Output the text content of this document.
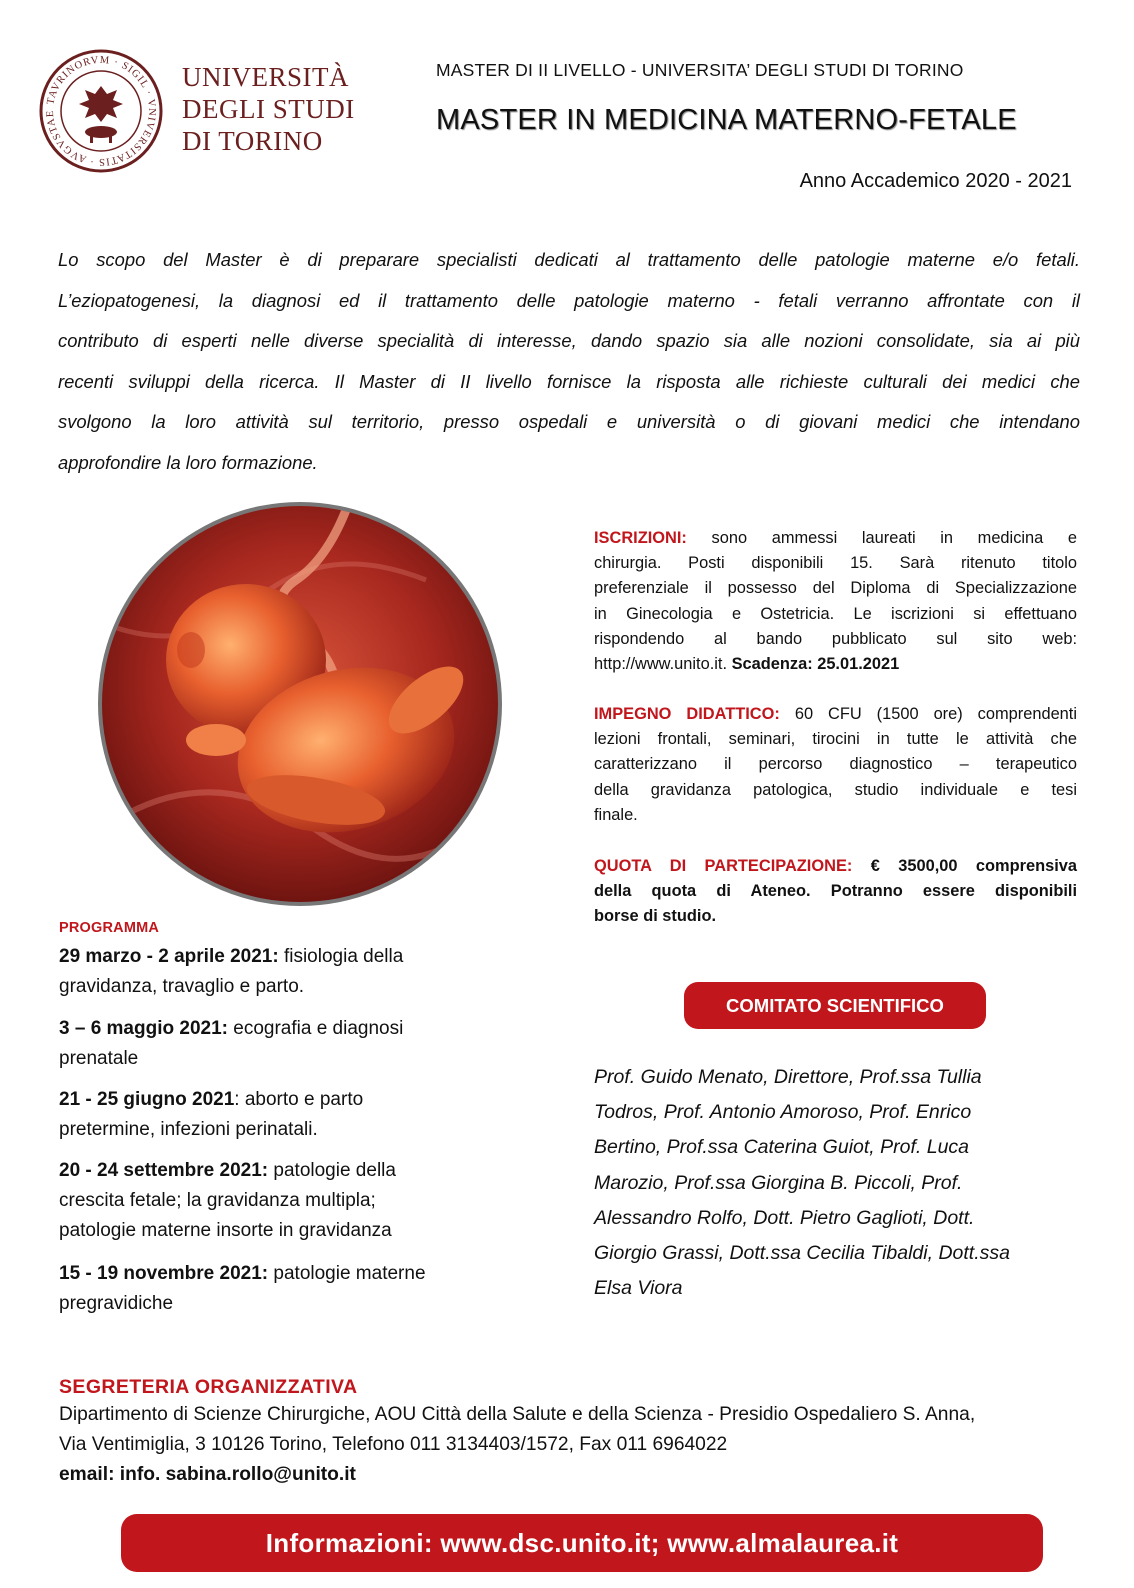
TAVRINORVM · SIGIL · VNIVERSITATIS · AVGVSTAE
UNIVERSITÀ
DEGLI STUDI
DI TORINO
MASTER DI II LIVELLO - UNIVERSITA’ DEGLI STUDI DI TORINO
MASTER IN MEDICINA MATERNO-FETALE
Anno Accademico 2020 - 2021
Lo scopo del Master è di preparare specialisti dedicati al trattamento delle patologie materne e/o fetali.
L’eziopatogenesi, la diagnosi ed il trattamento delle patologie materno - fetali verranno affrontate con il
contributo di esperti nelle diverse specialità di interesse, dando spazio sia alle nozioni consolidate, sia ai più
recenti sviluppi della ricerca. Il Master di II livello fornisce la risposta alle richieste culturali dei medici che
svolgono la loro attività sul territorio, presso ospedali e università o di giovani medici che intendano
approfondire la loro formazione.
ISCRIZIONI: sono ammessi laureati in medicina e
chirurgia. Posti disponibili 15. Sarà ritenuto titolo
preferenziale il possesso del Diploma di Specializzazione
in Ginecologia e Ostetricia. Le iscrizioni si effettuano
rispondendo al bando pubblicato sul sito web:
http://www.unito.it. Scadenza: 25.01.2021
IMPEGNO DIDATTICO: 60 CFU (1500 ore) comprendenti
lezioni frontali, seminari, tirocini in tutte le attività che
caratterizzano il percorso diagnostico – terapeutico
della gravidanza patologica, studio individuale e tesi
finale.
QUOTA DI PARTECIPAZIONE: € 3500,00 comprensiva
della quota di Ateneo. Potranno essere disponibili
borse di studio.
PROGRAMMA
29 marzo - 2 aprile 2021: fisiologia della
gravidanza, travaglio e parto.
3 – 6 maggio 2021: ecografia e diagnosi
prenatale
21 - 25 giugno 2021: aborto e parto
pretermine, infezioni perinatali.
20 - 24 settembre 2021: patologie della
crescita fetale; la gravidanza multipla;
patologie materne insorte in gravidanza
15 - 19 novembre 2021: patologie materne
pregravidiche
COMITATO SCIENTIFICO
Prof. Guido Menato, Direttore, Prof.ssa Tullia
Todros, Prof. Antonio Amoroso, Prof. Enrico
Bertino, Prof.ssa Caterina Guiot, Prof. Luca
Marozio, Prof.ssa Giorgina B. Piccoli, Prof.
Alessandro Rolfo, Dott. Pietro Gaglioti, Dott.
Giorgio Grassi, Dott.ssa Cecilia Tibaldi, Dott.ssa
Elsa Viora
SEGRETERIA ORGANIZZATIVA
Dipartimento di Scienze Chirurgiche, AOU Città della Salute e della Scienza - Presidio Ospedaliero S. Anna,
Via Ventimiglia, 3 10126 Torino, Telefono 011 3134403/1572, Fax 011 6964022
email: info. sabina.rollo@unito.it
Informazioni: www.dsc.unito.it; www.almalaurea.it
